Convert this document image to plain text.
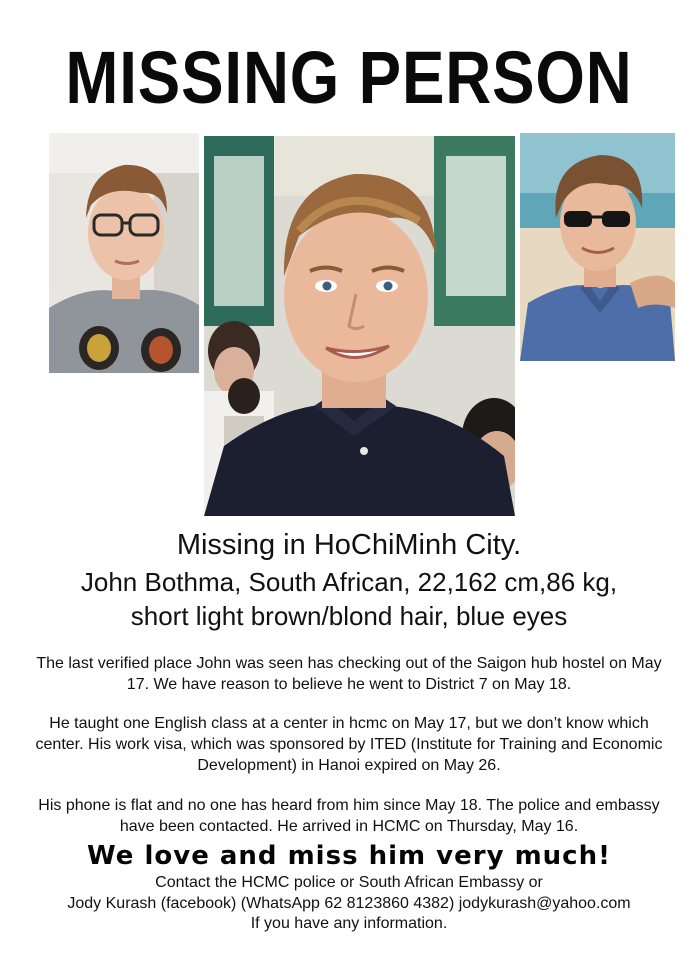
MISSING PERSON
Missing in HoChiMinh City.
John Bothma, South African, 22,162 cm,86 kg,
short light brown/blond hair, blue eyes
The last verified place John was seen has checking out of the Saigon hub hostel on May 17. We have reason to believe he went to District 7 on May 18.
He taught one English class at a center in hcmc on May 17, but we don’t know which center. His work visa, which was sponsored by ITED (Institute for Training and Economic Development) in Hanoi expired on May 26.
His phone is flat and no one has heard from him since May 18. The police and embassy have been contacted. He arrived in HCMC on Thursday, May 16.
We love and miss him very much!
Contact the HCMC police or South African Embassy or
Jody Kurash (facebook) (WhatsApp 62 8123860 4382) jodykurash@yahoo.com
If you have any information.
